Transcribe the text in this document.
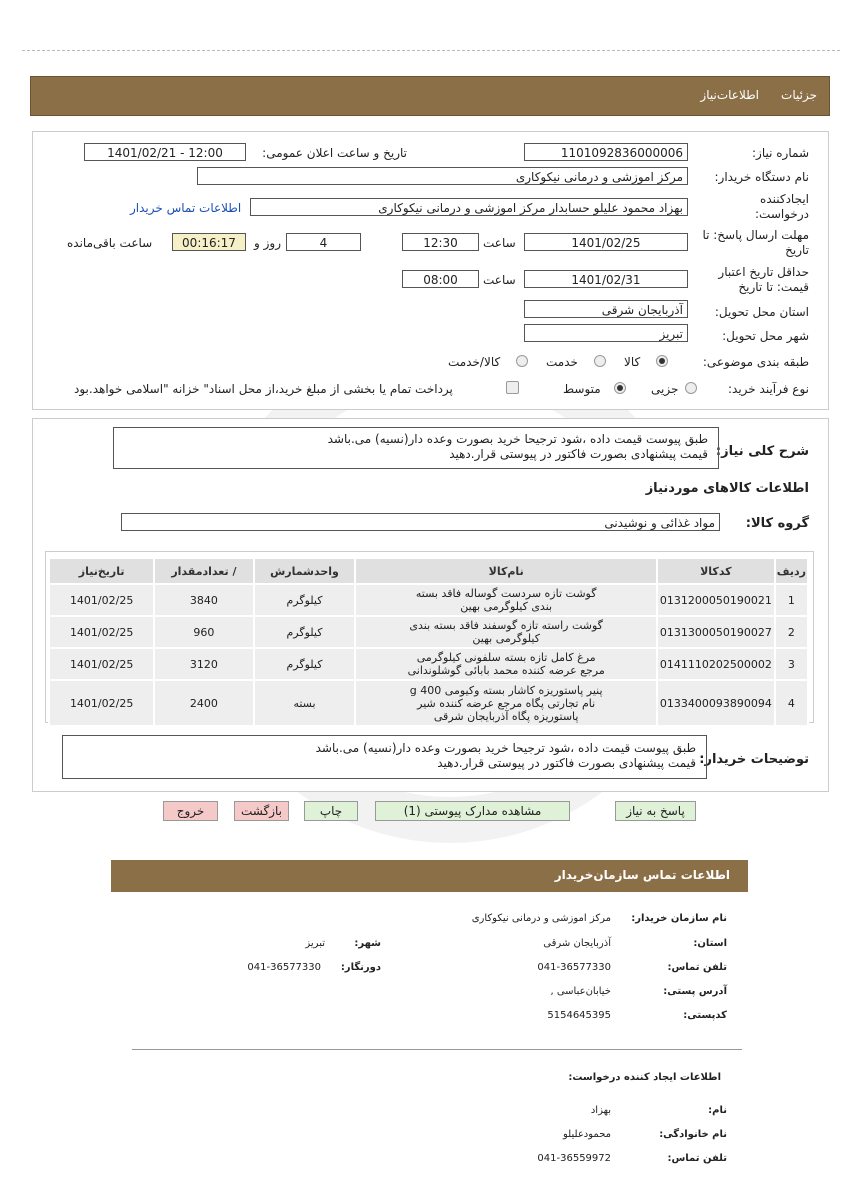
جزئیات
اطلاعات‌نیاز
شماره نیاز:
1101092836000006
تاریخ و ساعت اعلان عمومی:
1401/02/21 - 12:00
نام دستگاه خریدار:
مرکز اموزشی و درمانی نیکوکاری
ایجادکننده درخواست:
بهزاد محمود علیلو حسابدار مرکز اموزشی و درمانی نیکوکاری
اطلاعات تماس خریدار
مهلت ارسال پاسخ: تا تاریخ
1401/02/25
ساعت
12:30
4
روز و
00:16:17
ساعت باقی‌مانده
حداقل تاریخ اعتبار قیمت: تا تاریخ
1401/02/31
ساعت
08:00
استان محل تحویل:
آذربایجان شرقی
شهر محل تحویل:
تبریز
طبقه بندی موضوعی:
کالا
خدمت
کالا/خدمت
نوع فرآیند خرید:
جزیی
متوسط
پرداخت تمام یا بخشی از مبلغ خرید،از محل اسناد" خزانه "اسلامی خواهد.بود
شرح کلی نیاز:
طبق پیوست قیمت داده ،شود ترجیحا خرید بصورت وعده دار(نسیه) می.باشد
قیمت پیشنهادی بصورت فاکتور در پیوستی قرار.دهید
اطلاعات کالاهای مورد‌نیاز
گروه کالا:
مواد غذائی و نوشیدنی
ردیف	کدکالا	نام‌کالا	واحدشمارش	/ تعدادمقدار	تاریخ‌نیاز
1	0131200050190021	گوشت تازه سردست گوساله فاقد بسته بندی کیلوگرمی بهین	کیلوگرم	3840	1401/02/25
2	0131300050190027	گوشت راسته تازه گوسفند فاقد بسته بندی کیلوگرمی بهین	کیلوگرم	960	1401/02/25
3	0141110202500002	مرغ کامل تازه بسته سلفونی کیلوگرمی مرجع عرضه کننده محمد بابائی گوشلوندانی	کیلوگرم	3120	1401/02/25
4	0133400093890094	پنیر پاستوریزه کاشار بسته وکیومی 400 g نام تجارتی پگاه مرجع عرضه کننده شیر پاستوریزه پگاه آذربایجان شرقی	بسته	2400	1401/02/25
توضیحات خریدار:
طبق پیوست قیمت داده ،شود ترجیحا خرید بصورت وعده دار(نسیه) می.باشد
قیمت پیشنهادی بصورت فاکتور در پیوستی قرار.دهید
پاسخ به نیاز
مشاهده مدارک پیوستی (1)
چاپ
بازگشت
خروج
اطلاعات تماس سازمان‌خریدار
نام سازمان خریدار:
مرکز اموزشی و درمانی نیکوکاری
استان:
آذربایجان شرقی
شهر:
تبریز
تلفن تماس:
041-36577330
دورنگار:
041-36577330
آدرس پستی:
خیابان‌عباسی ,
کدپستی:
5154645395
اطلاعات ایجاد کننده درخواست:
نام:
بهزاد
نام خانوادگی:
محمودعلیلو
تلفن تماس:
041-36559972
